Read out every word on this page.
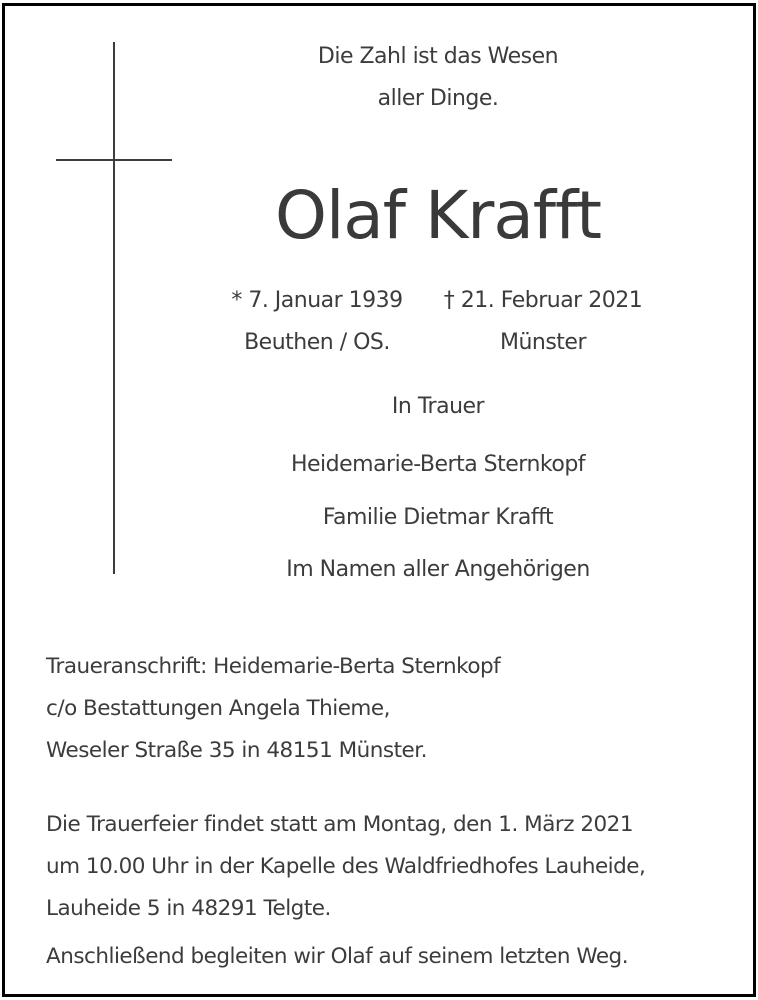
Die Zahl ist das Wesen
aller Dinge.
Olaf Krafft
* 7. Januar 1939
Beuthen / OS.
† 21. Februar 2021
Münster
In Trauer
Heidemarie-Berta Sternkopf
Familie Dietmar Krafft
Im Namen aller Angehörigen
Traueranschrift: Heidemarie-Berta Sternkopf
c/o Bestattungen Angela Thieme,
Weseler Straße 35 in 48151 Münster.
Die Trauerfeier findet statt am Montag, den 1. März 2021
um 10.00 Uhr in der Kapelle des Waldfriedhofes Lauheide,
Lauheide 5 in 48291 Telgte.
Anschließend begleiten wir Olaf auf seinem letzten Weg.
